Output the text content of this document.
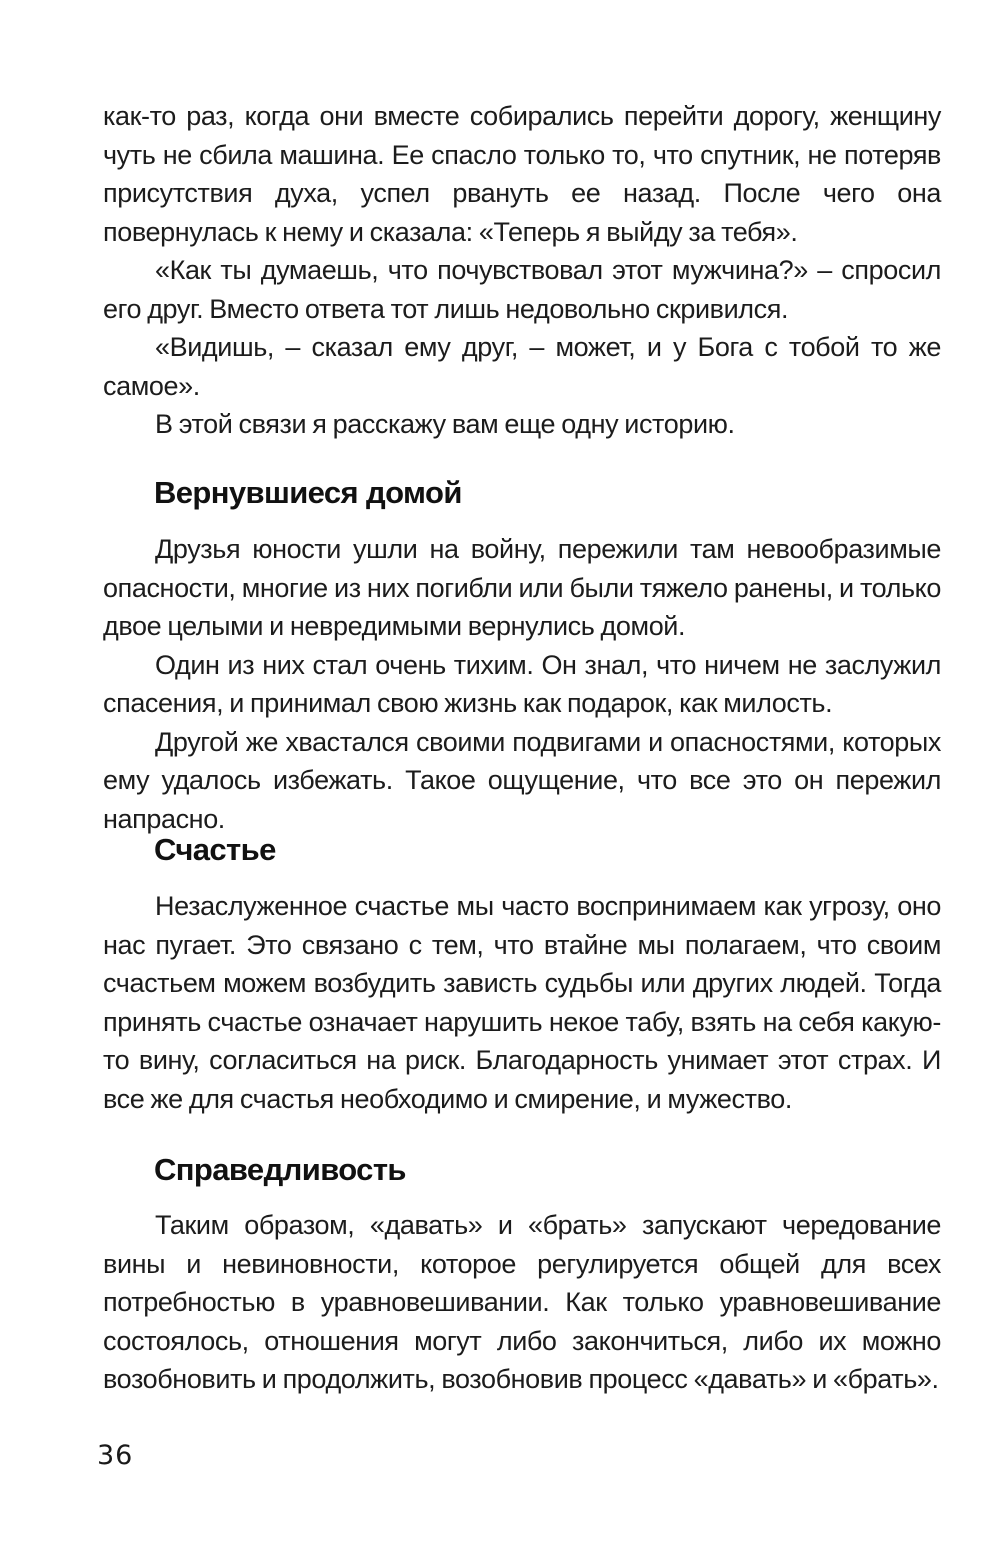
как-то раз, когда они вместе собирались перейти дорогу, женщину чуть не сбила машина. Ее спасло только то, что спутник, не потеряв присутствия духа, успел рвануть ее назад. После чего она повернулась к нему и сказала: «Теперь я выйду за тебя».

«Как ты думаешь, что почувствовал этот мужчина?» – спросил его друг. Вместо ответа тот лишь недовольно скривился.

«Видишь, – сказал ему друг, – может, и у Бога с тобой то же самое».

В этой связи я расскажу вам еще одну историю.

Вернувшиеся домой

Друзья юности ушли на войну, пережили там невообразимые опасности, многие из них погибли или были тяжело ранены, и только двое целыми и невредимыми вернулись домой.

Один из них стал очень тихим. Он знал, что ничем не заслужил спасения, и принимал свою жизнь как подарок, как милость.

Другой же хвастался своими подвигами и опасностями, которых ему удалось избежать. Такое ощущение, что все это он пережил напрасно.

Счастье

Незаслуженное счастье мы часто воспринимаем как угрозу, оно нас пугает. Это связано с тем, что втайне мы полагаем, что своим счастьем можем возбудить зависть судьбы или других людей. Тогда принять счастье означает нарушить некое табу, взять на себя какую-то вину, согласиться на риск. Благодарность унимает этот страх. И все же для счастья необходимо и смирение, и мужество.

Справедливость

Таким образом, «давать» и «брать» запускают чередование вины и невиновности, которое регулируется общей для всех потребностью в уравновешивании. Как только уравновешивание состоялось, отношения могут либо закончиться, либо их можно возобновить и продолжить, возобновив процесс «давать» и «брать».

36
